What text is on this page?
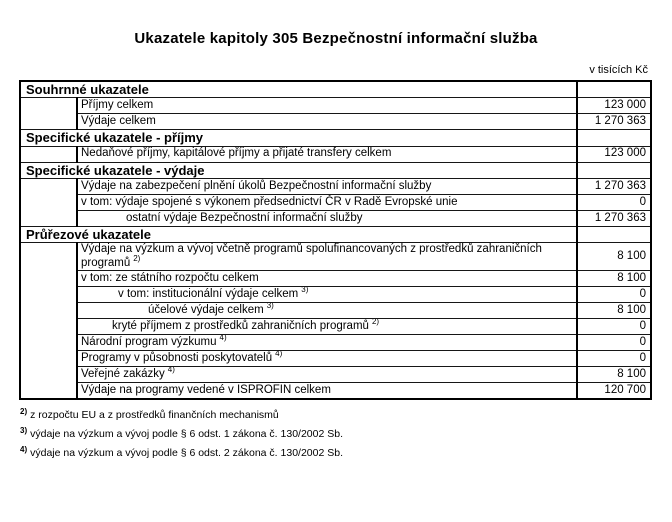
Ukazatele kapitoly 305 Bezpečnostní informační služba
v tisících Kč
Souhrnné ukazatele		
	Příjmy celkem	123 000
	Výdaje celkem	1 270 363
Specifické ukazatele - příjmy		
	Nedaňové příjmy, kapitálové příjmy a přijaté transfery celkem	123 000
Specifické ukazatele - výdaje		
	Výdaje na zabezpečení plnění úkolů Bezpečnostní informační služby	1 270 363
	v tom: výdaje spojené s výkonem předsednictví ČR v Radě Evropské unie	0
	ostatní výdaje Bezpečnostní informační služby	1 270 363
Průřezové ukazatele		
	Výdaje na výzkum a vývoj včetně programů spolufinancovaných z prostředků zahraničních programů $^{2)}$	8 100
	v tom: ze státního rozpočtu celkem	8 100
	v tom: institucionální výdaje celkem $^{3)}$	0
	účelové výdaje celkem $^{3)}$	8 100
	kryté příjmem z prostředků zahraničních programů $^{2)}$	0
	Národní program výzkumu $^{4)}$	0
	Programy v působnosti poskytovatelů $^{4)}$	0
	Veřejné zakázky $^{4)}$	8 100
	Výdaje na programy vedené v ISPROFIN celkem	120 700
$^{2)}$ z rozpočtu EU a z prostředků finančních mechanismů
$^{3)}$ výdaje na výzkum a vývoj podle § 6 odst. 1 zákona č. 130/2002 Sb.
$^{4)}$ výdaje na výzkum a vývoj podle § 6 odst. 2 zákona č. 130/2002 Sb.
